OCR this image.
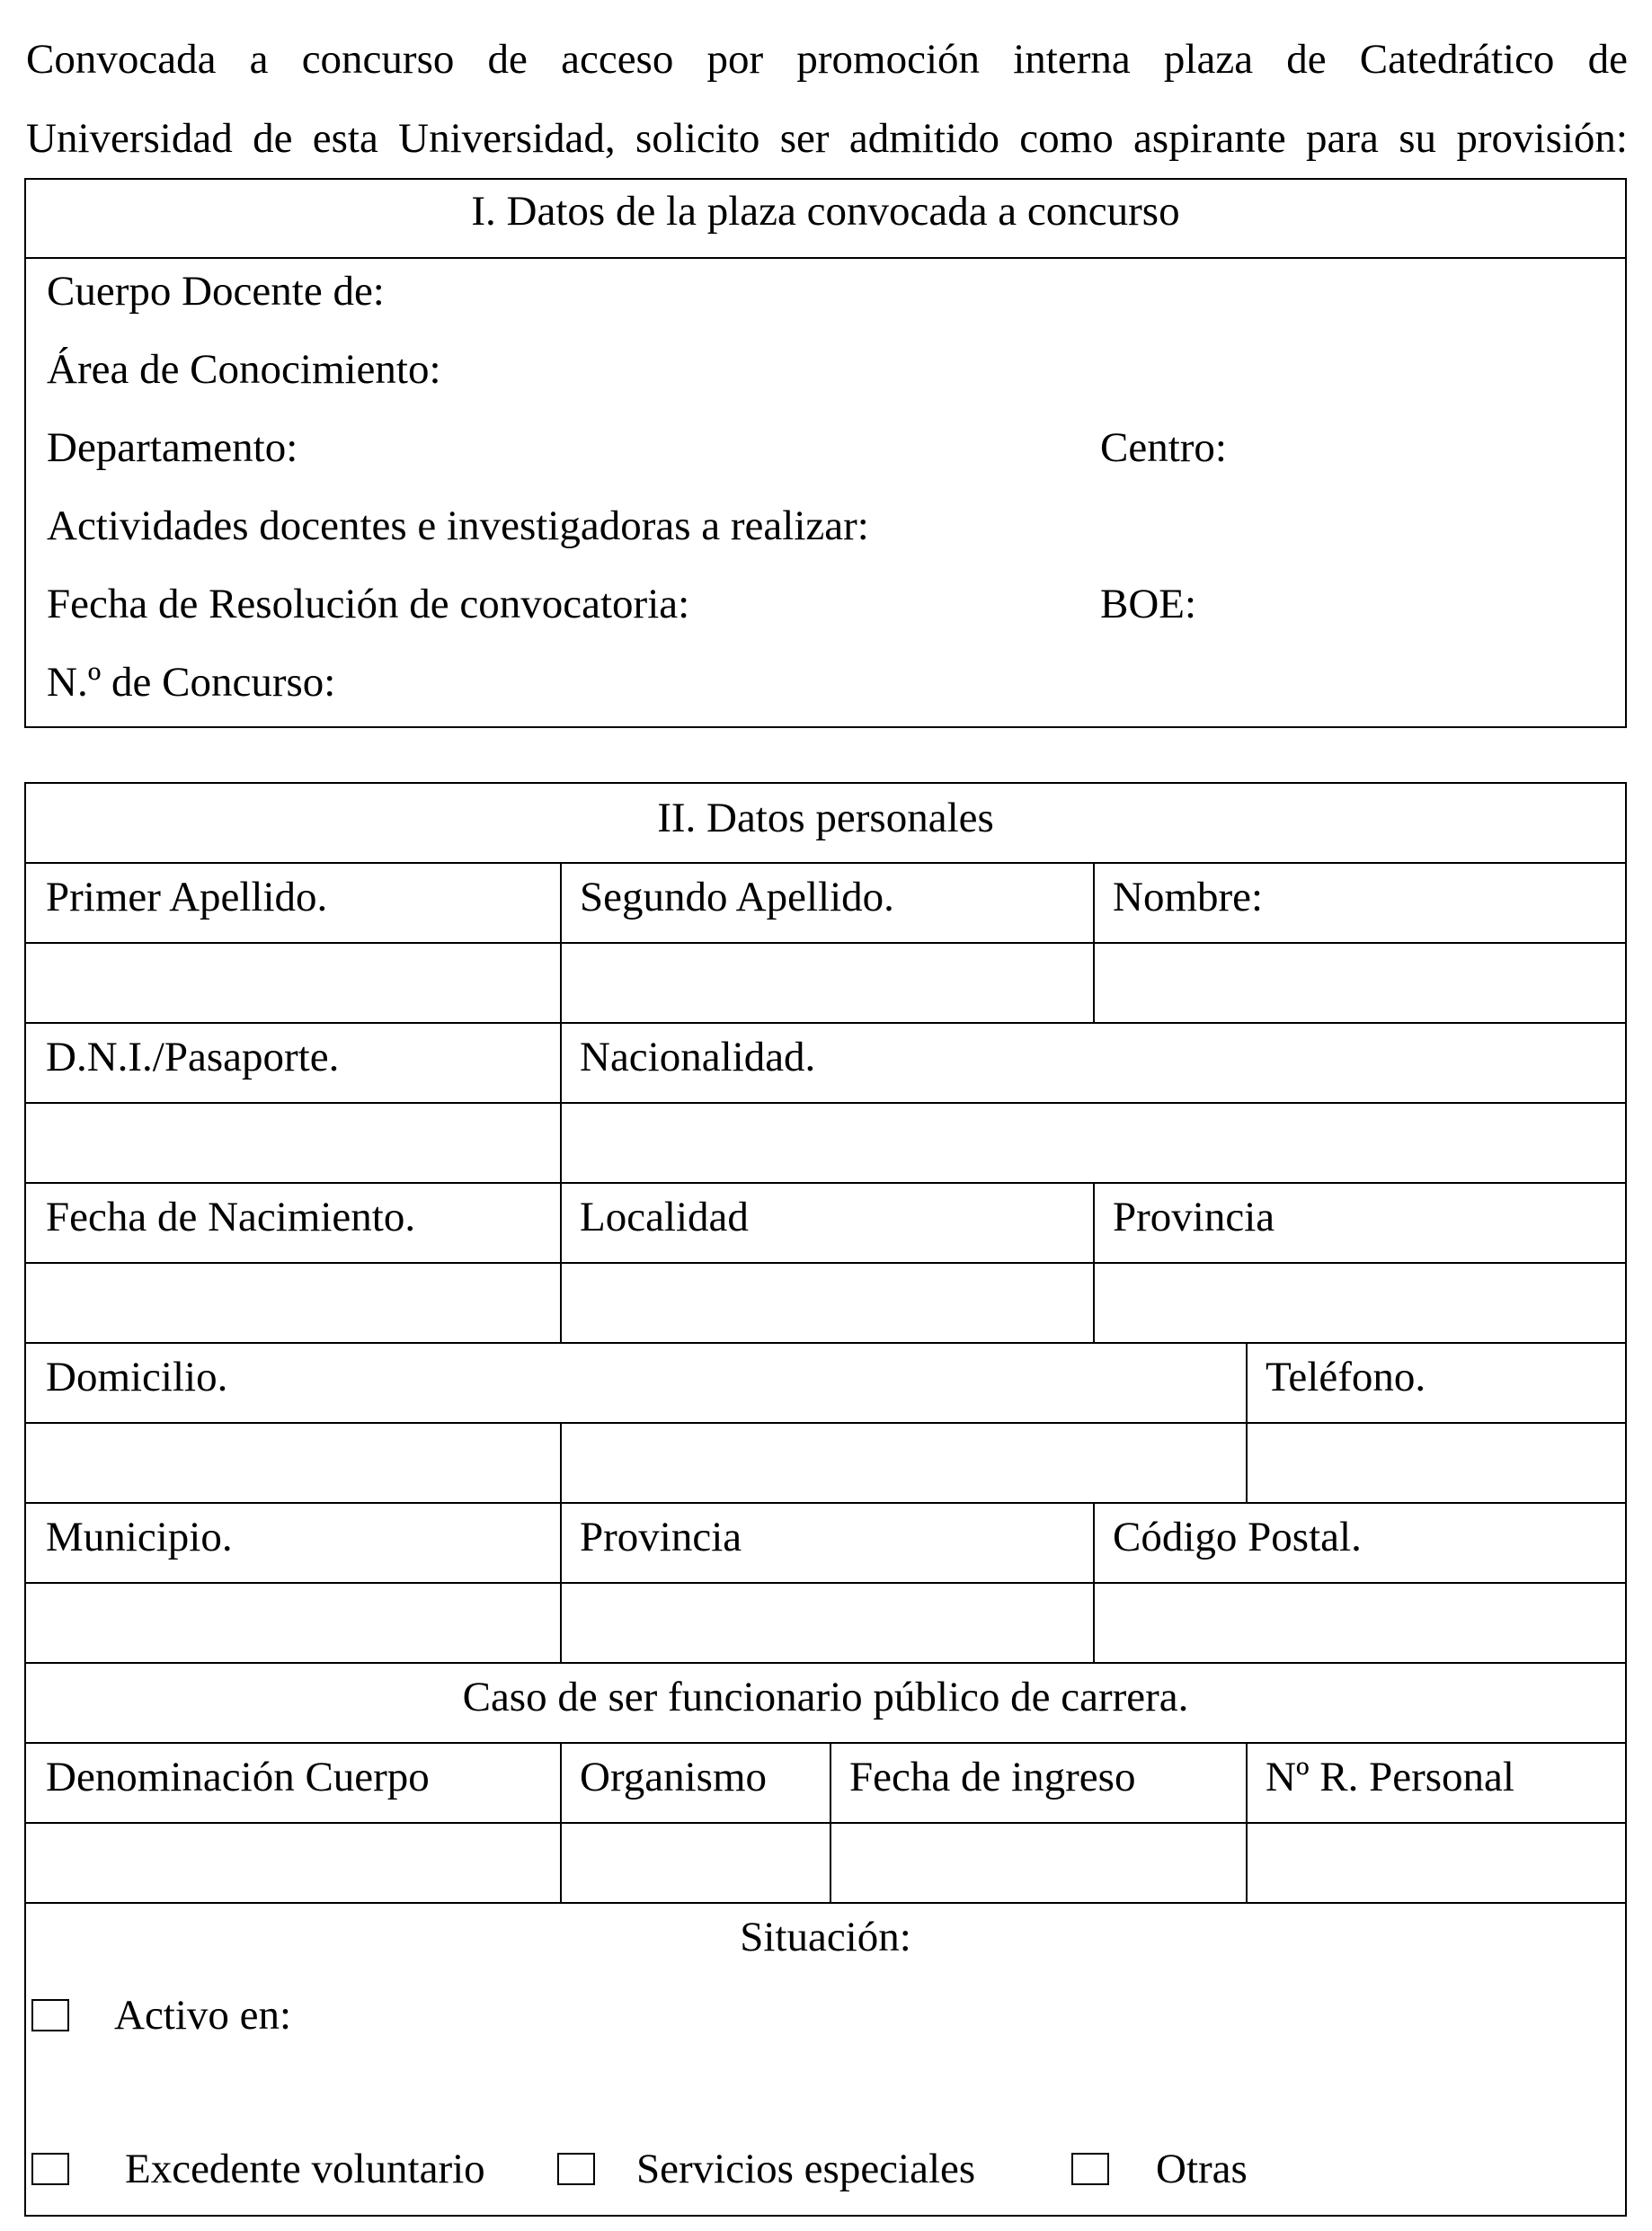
Convocada a concurso de acceso por promoción interna plaza de Catedrático de
Universidad de esta Universidad, solicito ser admitido como aspirante para su provisión:
I. Datos de la plaza convocada a concurso
Cuerpo Docente de:
Área de Conocimiento:
Departamento:	Centro:
Actividades docentes e investigadoras a realizar:
Fecha de Resolución de convocatoria:	BOE:
N.º de Concurso:
II. Datos personales
Primer Apellido.	Segundo Apellido.	Nombre:
D.N.I./Pasaporte.	Nacionalidad.
Fecha de Nacimiento.	Localidad	Provincia
Domicilio.	Teléfono.
Municipio.	Provincia	Código Postal.
Caso de ser funcionario público de carrera.
Denominación Cuerpo	Organismo	Fecha de ingreso	Nº R. Personal
Situación:
Activo en:
Excedente voluntario	Servicios especiales	Otras
